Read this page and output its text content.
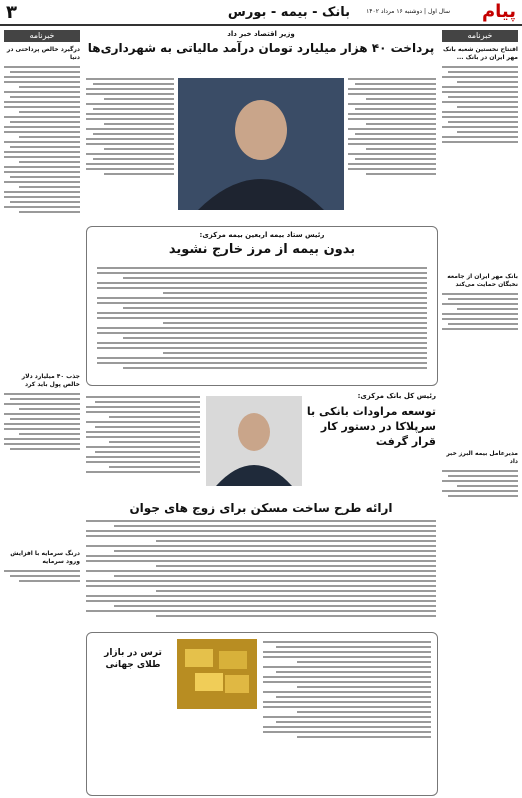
٣	بانک - بیمه - بورس	سال اول | دوشنبه ۱۶ مرداد ۱۴۰۲ پیام
خبرنامه
درگیرد خالص پرداختی در دنیا
جذب ۴۰ میلیارد دلار خالص پول باید کرد
درنگ سرمایه با افزایش ورود سرمایه
خبرنامه
افتتاح نخستین شعبه بانک مهر ایران در بانک ...
بانک مهر ایران از جامعه نخبگان حمایت می‌کند
مدیرعامل بیمه البرز خبر داد
وزیر اقتصاد خبر داد
پرداخت ۴۰ هزار میلیارد تومان درآمد مالیاتی به شهرداری‌ها
رئیس ستاد بیمه اربعین بیمه مرکزی:
بدون بیمه از مرز خارج نشوید
رئیس کل بانک مرکزی:
توسعه مراودات بانکی با سرپلاکا در دستور کار قرار گرفت
ارائه طرح ساخت مسکن برای زوج های جوان
ترس در بازار طلای جهانی
